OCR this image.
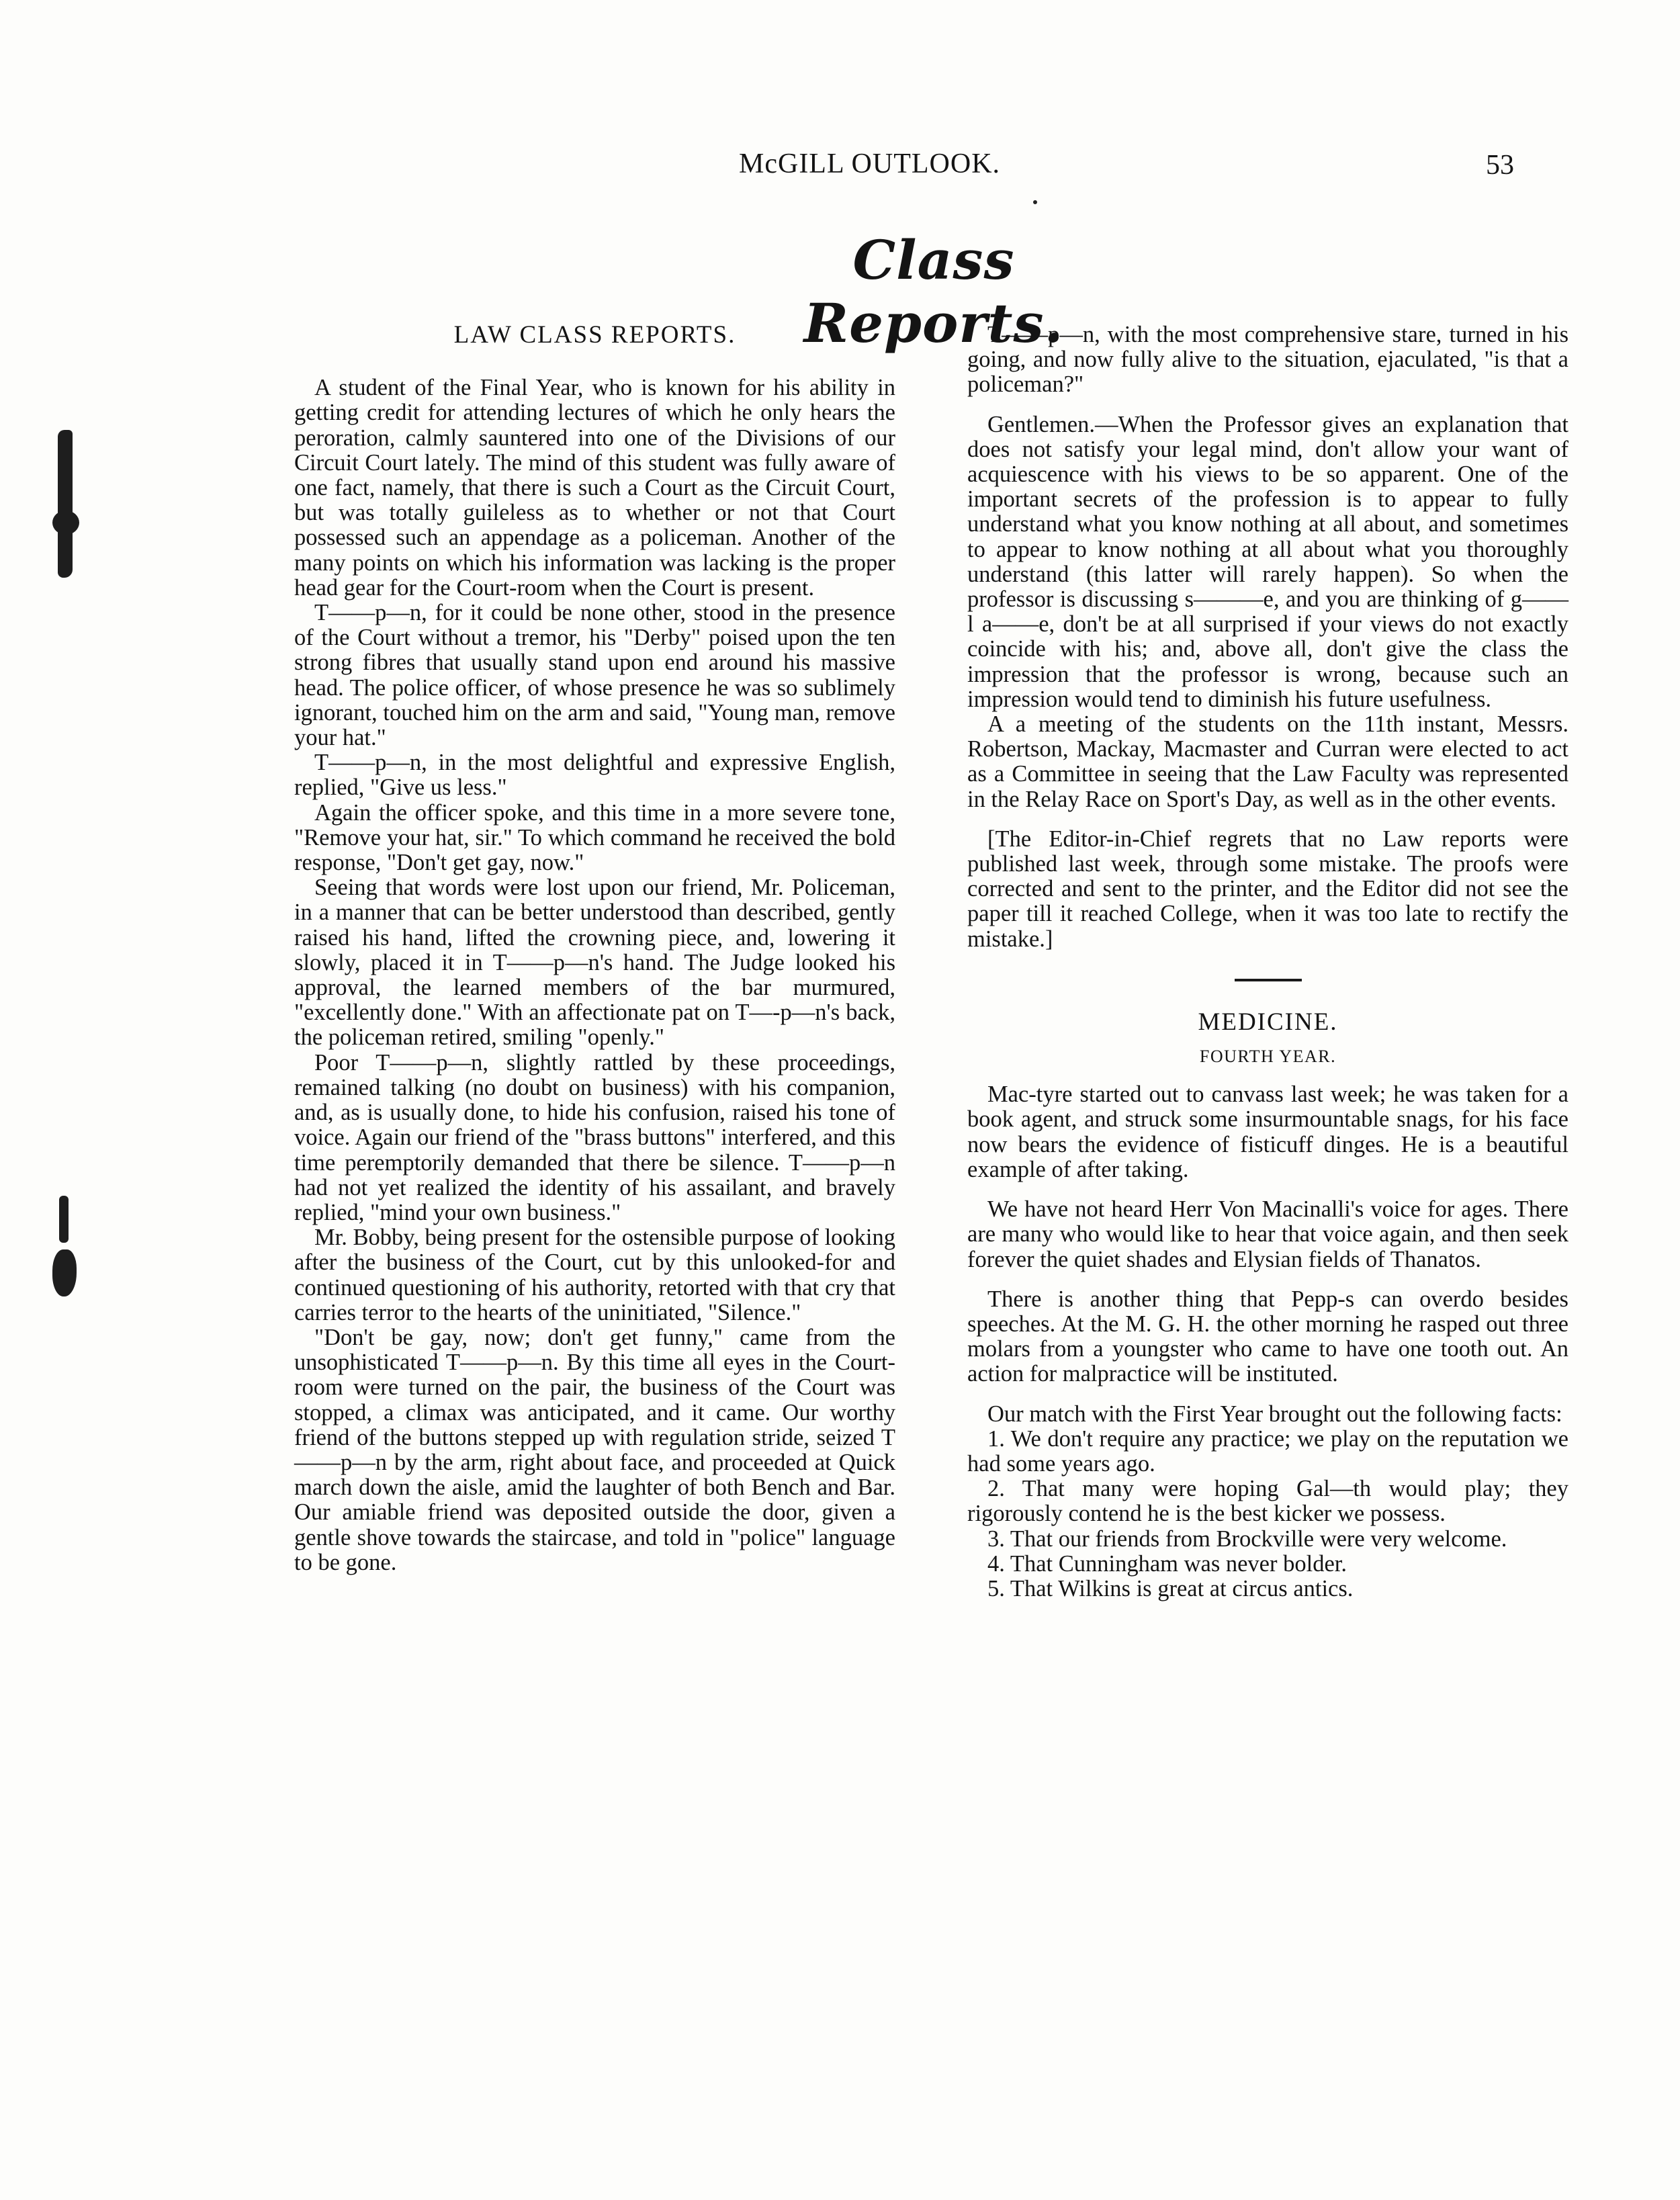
McGILL OUTLOOK.	53
Class Reports.
LAW CLASS REPORTS.

A student of the Final Year, who is known for his ability in getting credit for attending lectures of which he only hears the peroration, calmly sauntered into one of the Divisions of our Circuit Court lately. The mind of this student was fully aware of one fact, namely, that there is such a Court as the Circuit Court, but was totally guileless as to whether or not that Court possessed such an appendage as a policeman. Another of the many points on which his information was lacking is the proper head gear for the Court-room when the Court is present.

T——p—n, for it could be none other, stood in the presence of the Court without a tremor, his "Derby" poised upon the ten strong fibres that usually stand upon end around his massive head. The police officer, of whose presence he was so sublimely ignorant, touched him on the arm and said, "Young man, remove your hat."

T——p—n, in the most delightful and expressive English, replied, "Give us less."

Again the officer spoke, and this time in a more severe tone, "Remove your hat, sir." To which command he received the bold response, "Don't get gay, now."

Seeing that words were lost upon our friend, Mr. Policeman, in a manner that can be better understood than described, gently raised his hand, lifted the crowning piece, and, lowering it slowly, placed it in T——p—n's hand. The Judge looked his approval, the learned members of the bar murmured, "excellently done." With an affectionate pat on T—-p—n's back, the policeman retired, smiling "openly."

Poor T——p—n, slightly rattled by these proceedings, remained talking (no doubt on business) with his companion, and, as is usually done, to hide his confusion, raised his tone of voice. Again our friend of the "brass buttons" interfered, and this time peremptorily demanded that there be silence. T——p—n had not yet realized the identity of his assailant, and bravely replied, "mind your own business."

Mr. Bobby, being present for the ostensible purpose of looking after the business of the Court, cut by this unlooked-for and continued questioning of his authority, retorted with that cry that carries terror to the hearts of the uninitiated, "Silence."

"Don't be gay, now; don't get funny," came from the unsophisticated T——p—n. By this time all eyes in the Court-room were turned on the pair, the business of the Court was stopped, a climax was anticipated, and it came. Our worthy friend of the buttons stepped up with regulation stride, seized T——p—n by the arm, right about face, and proceeded at Quick march down the aisle, amid the laughter of both Bench and Bar. Our amiable friend was deposited outside the door, given a gentle shove towards the staircase, and told in "police" language to be gone.

T——p—n, with the most comprehensive stare, turned in his going, and now fully alive to the situation, ejaculated, "is that a policeman?"

Gentlemen.—When the Professor gives an explanation that does not satisfy your legal mind, don't allow your want of acquiescence with his views to be so apparent. One of the important secrets of the profession is to appear to fully understand what you know nothing at all about, and sometimes to appear to know nothing at all about what you thoroughly understand (this latter will rarely happen). So when the professor is discussing s———e, and you are thinking of g——l a——e, don't be at all surprised if your views do not exactly coincide with his; and, above all, don't give the class the impression that the professor is wrong, because such an impression would tend to diminish his future usefulness.

A a meeting of the students on the 11th instant, Messrs. Robertson, Mackay, Macmaster and Curran were elected to act as a Committee in seeing that the Law Faculty was represented in the Relay Race on Sport's Day, as well as in the other events.

[The Editor-in-Chief regrets that no Law reports were published last week, through some mistake. The proofs were corrected and sent to the printer, and the Editor did not see the paper till it reached College, when it was too late to rectify the mistake.]

MEDICINE.
FOURTH YEAR.

Mac-tyre started out to canvass last week; he was taken for a book agent, and struck some insurmountable snags, for his face now bears the evidence of fisticuff dinges. He is a beautiful example of after taking.

We have not heard Herr Von Macinalli's voice for ages. There are many who would like to hear that voice again, and then seek forever the quiet shades and Elysian fields of Thanatos.

There is another thing that Pepp-s can overdo besides speeches. At the M. G. H. the other morning he rasped out three molars from a youngster who came to have one tooth out. An action for malpractice will be instituted.

Our match with the First Year brought out the following facts:

1. We don't require any practice; we play on the reputation we had some years ago.
2. That many were hoping Gal—th would play; they rigorously contend he is the best kicker we possess.
3. That our friends from Brockville were very welcome.
4. That Cunningham was never bolder.
5. That Wilkins is great at circus antics.
